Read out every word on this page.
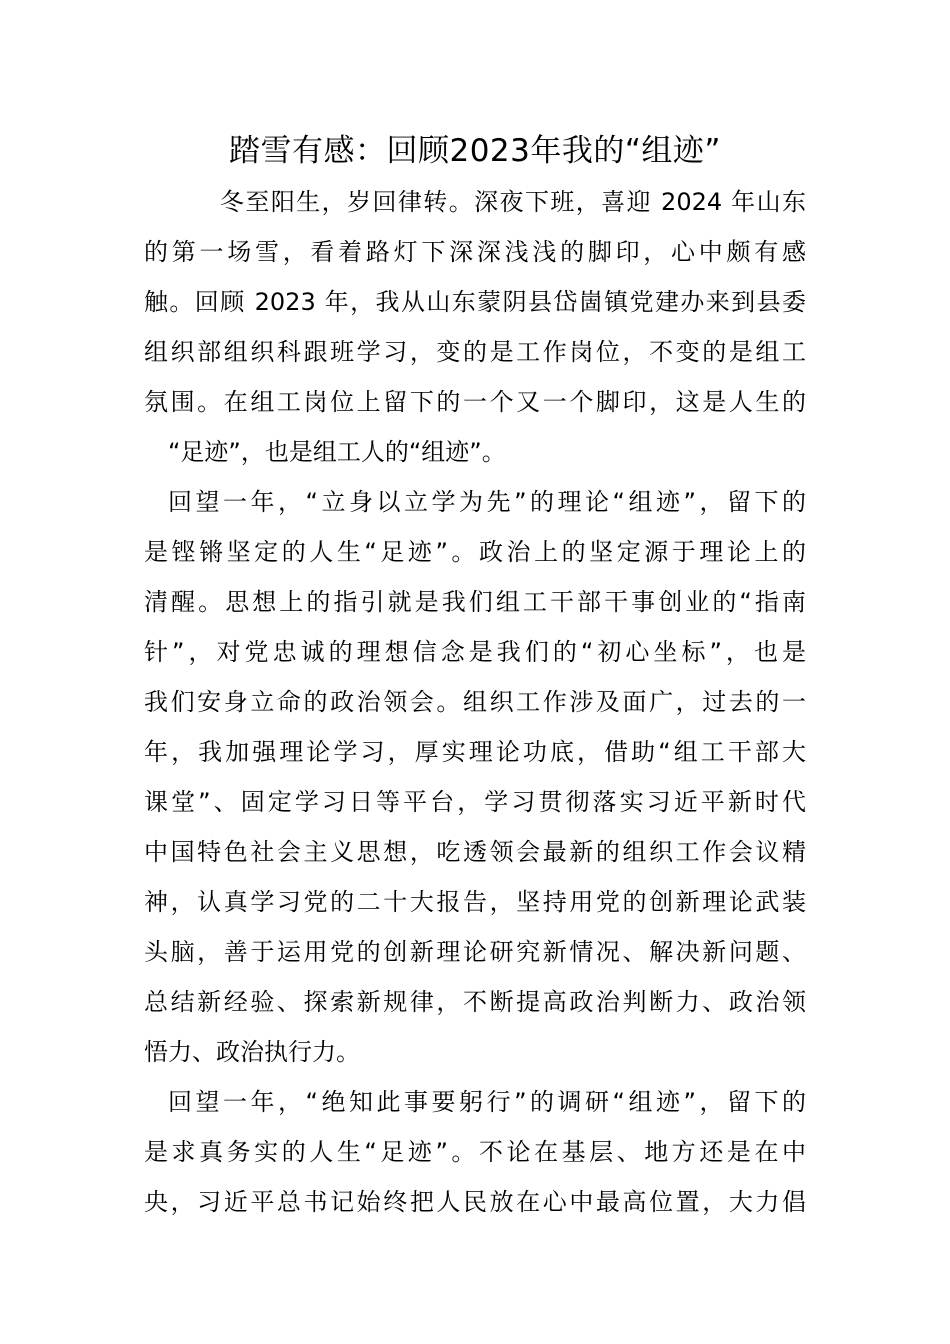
踏雪有感：回顾2023年我的“组迹”
冬至阳生，岁回律转。深夜下班，喜迎 2024 年山东
的第一场雪，看着路灯下深深浅浅的脚印，心中颇有感
触。回顾 2023 年，我从山东蒙阴县岱崮镇党建办来到县委
组织部组织科跟班学习，变的是工作岗位，不变的是组工
氛围。在组工岗位上留下的一个又一个脚印，这是人生的
“足迹”，也是组工人的“组迹”。
回望一年，“立身以立学为先”的理论“组迹”，留下的
是铿锵坚定的人生“足迹”。政治上的坚定源于理论上的
清醒。思想上的指引就是我们组工干部干事创业的“指南
针”，对党忠诚的理想信念是我们的“初心坐标”，也是
我们安身立命的政治领会。组织工作涉及面广，过去的一
年，我加强理论学习，厚实理论功底，借助“组工干部大
课堂”、固定学习日等平台，学习贯彻落实习近平新时代
中国特色社会主义思想，吃透领会最新的组织工作会议精
神，认真学习党的二十大报告，坚持用党的创新理论武装
头脑，善于运用党的创新理论研究新情况、解决新问题、
总结新经验、探索新规律，不断提高政治判断力、政治领
悟力、政治执行力。
回望一年，“绝知此事要躬行”的调研“组迹”，留下的
是求真务实的人生“足迹”。不论在基层、地方还是在中
央，习近平总书记始终把人民放在心中最高位置，大力倡
